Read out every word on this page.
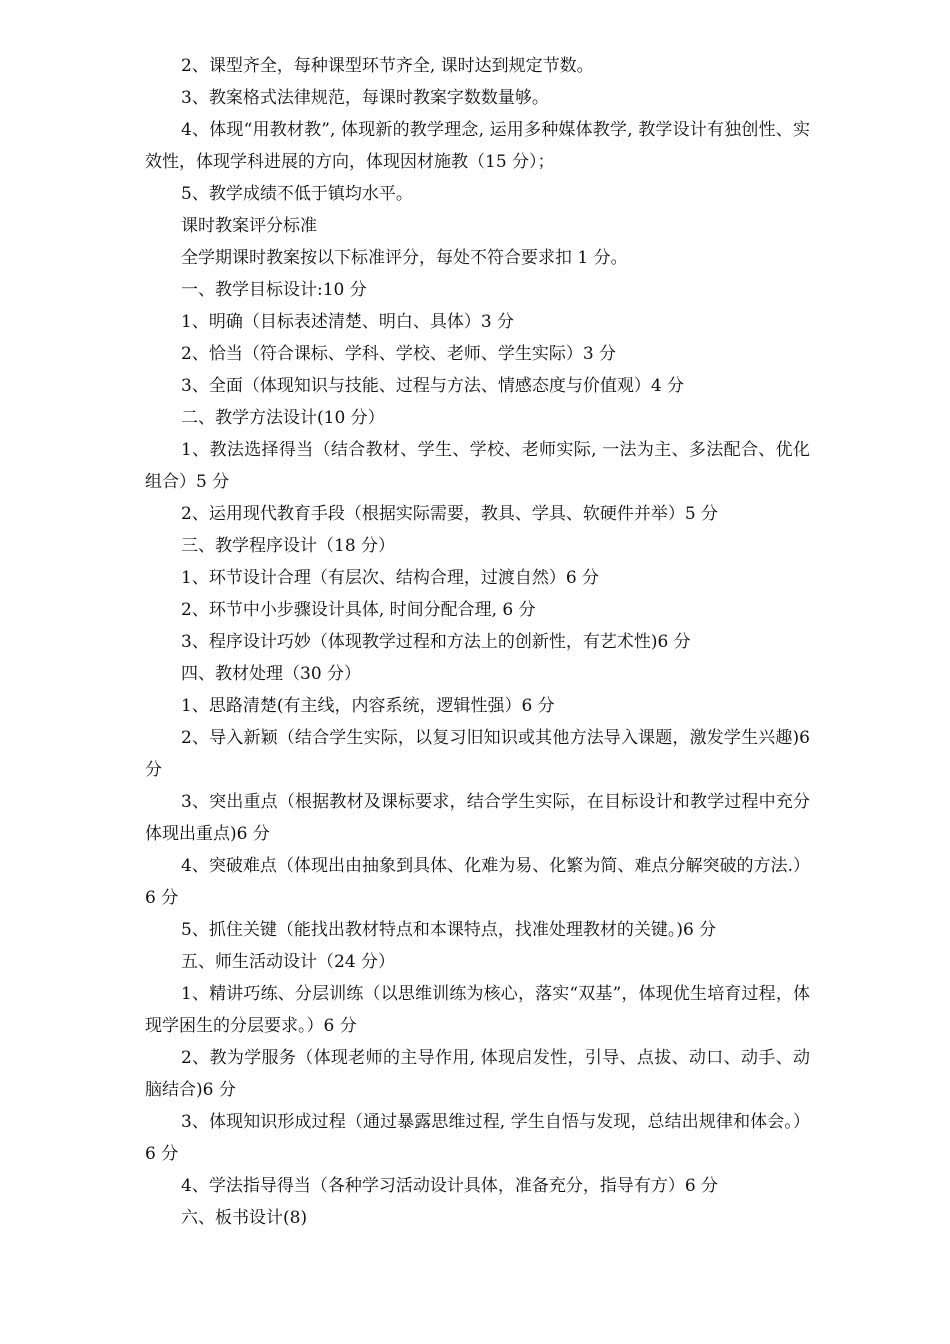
2、课型齐全，每种课型环节齐全, 课时达到规定节数。

3、教案格式法律规范，每课时教案字数数量够。

4、体现“用教材教”, 体现新的教学理念, 运用多种媒体教学, 教学设计有独创性、实效性，体现学科进展的方向，体现因材施教（15 分）；

5、教学成绩不低于镇均水平。

课时教案评分标准

全学期课时教案按以下标准评分，每处不符合要求扣 1 分。

一、教学目标设计:10 分

1、明确（目标表述清楚、明白、具体）3 分

2、恰当（符合课标、学科、学校、老师、学生实际）3 分

3、全面（体现知识与技能、过程与方法、情感态度与价值观）4 分

二、教学方法设计(10 分）

1、教法选择得当（结合教材、学生、学校、老师实际, 一法为主、多法配合、优化组合）5 分

2、运用现代教育手段（根据实际需要，教具、学具、软硬件并举）5 分

三、教学程序设计（18 分）

1、环节设计合理（有层次、结构合理，过渡自然）6 分

2、环节中小步骤设计具体, 时间分配合理, 6 分

3、程序设计巧妙（体现教学过程和方法上的创新性，有艺术性)6 分

四、教材处理（30 分）

1、思路清楚(有主线，内容系统，逻辑性强）6 分

2、导入新颖（结合学生实际，以复习旧知识或其他方法导入课题，激发学生兴趣)6 分

3、突出重点（根据教材及课标要求，结合学生实际，在目标设计和教学过程中充分体现出重点)6 分

4、突破难点（体现出由抽象到具体、化难为易、化繁为简、难点分解突破的方法.）6 分

5、抓住关键（能找出教材特点和本课特点，找准处理教材的关键。)6 分

五、师生活动设计（24 分）

1、精讲巧练、分层训练（以思维训练为核心，落实“双基”，体现优生培育过程，体现学困生的分层要求。）6 分

2、教为学服务（体现老师的主导作用, 体现启发性，引导、点拔、动口、动手、动脑结合)6 分

3、体现知识形成过程（通过暴露思维过程, 学生自悟与发现，总结出规律和体会。）6 分

4、学法指导得当（各种学习活动设计具体，准备充分，指导有方）6 分

六、板书设计(8)
